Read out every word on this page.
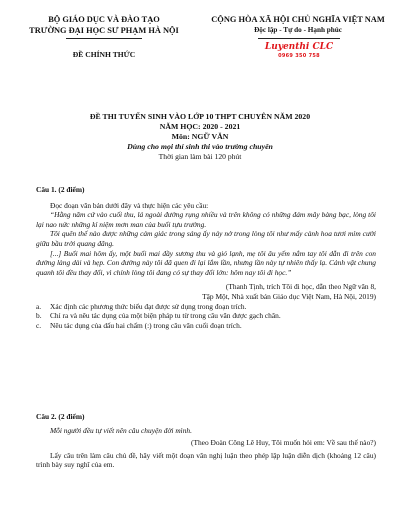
BỘ GIÁO DỤC VÀ ĐÀO TẠO
TRƯỜNG ĐẠI HỌC SƯ PHẠM HÀ NỘI
CỘNG HÒA XÃ HỘI CHỦ NGHĨA VIỆT NAM
Độc lập - Tự do - Hạnh phúc
ĐỀ CHÍNH THỨC
Luyenthi CLC
0969 350 758
ĐỀ THI TUYỂN SINH VÀO LỚP 10 THPT CHUYÊN NĂM 2020
NĂM HỌC: 2020 - 2021
Môn: NGỮ VĂN
Dùng cho mọi thí sinh thi vào trường chuyên
Thời gian làm bài 120 phút
Câu 1. (2 điểm)
Đọc đoạn văn bản dưới đây và thực hiện các yêu cầu:
“Hằng năm cứ vào cuối thu, lá ngoài đường rụng nhiều và trên không có những đám mây bàng bạc, lòng tôi lại nao nức những kỉ niệm mơn man của buổi tựu trường.
Tôi quên thế nào được những cảm giác trong sáng ấy nảy nở trong lòng tôi như mấy cành hoa tươi mỉm cười giữa bầu trời quang đãng.
[...] Buổi mai hôm ấy, một buổi mai đầy sương thu và gió lạnh, mẹ tôi âu yếm nắm tay tôi dẫn đi trên con đường làng dài và hẹp. Con đường này tôi đã quen đi lại lắm lần, nhưng lần này tự nhiên thấy lạ. Cảnh vật chung quanh tôi đều thay đổi, vì chính lòng tôi đang có sự thay đổi lớn: hôm nay tôi đi học.”
(Thanh Tịnh, trích Tôi đi học, dẫn theo Ngữ văn 8,
Tập Một, Nhà xuất bản Giáo dục Việt Nam, Hà Nội, 2019)
a.	Xác định các phương thức biểu đạt được sử dụng trong đoạn trích.
b.	Chỉ ra và nêu tác dụng của một biện pháp tu từ trong câu văn được gạch chân.
c.	Nêu tác dụng của dấu hai chấm (:) trong câu văn cuối đoạn trích.
Câu 2. (2 điểm)
Mỗi người đều tự viết nên câu chuyện đời mình.
(Theo Đoàn Công Lê Huy, Tôi muốn hỏi em: Về sau thế nào?)
Lấy câu trên làm câu chủ đề, hãy viết một đoạn văn nghị luận theo phép lập luận diễn dịch (khoảng 12 câu) trình bày suy nghĩ của em.
